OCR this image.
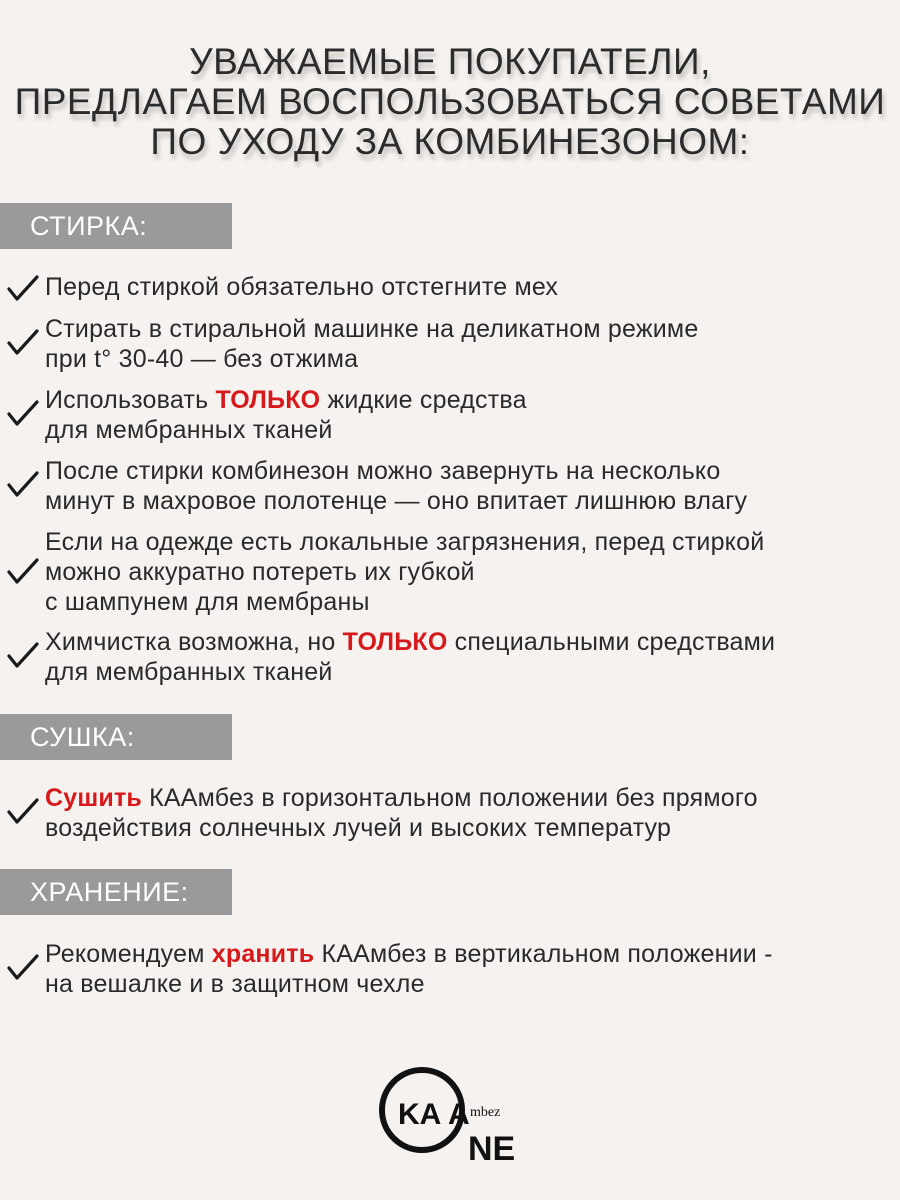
УВАЖАЕМЫЕ ПОКУПАТЕЛИ,
ПРЕДЛАГАЕМ ВОСПОЛЬЗОВАТЬСЯ СОВЕТАМИ
ПО УХОДУ ЗА КОМБИНЕЗОНОМ:
СТИРКА:
Перед стиркой обязательно отстегните мех
Стирать в стиральной машинке на деликатном режиме
при t° 30-40 — без отжима
Использовать ТОЛЬКО жидкие средства
для мембранных тканей
После стирки комбинезон можно завернуть на несколько
минут в махровое полотенце — оно впитает лишнюю влагу
Если на одежде есть локальные загрязнения, перед стиркой
можно аккуратно потереть их губкой
с шампунем для мембраны
Химчистка возможна, но ТОЛЬКО специальными средствами
для мембранных тканей
СУШКА:
Сушить КААмбез в горизонтальном положении без прямого
воздействия солнечных лучей и высоких температур
ХРАНЕНИЕ:
Рекомендуем хранить КААмбез в вертикальном положении -
на вешалке и в защитном чехле
KA A mbez
NE
